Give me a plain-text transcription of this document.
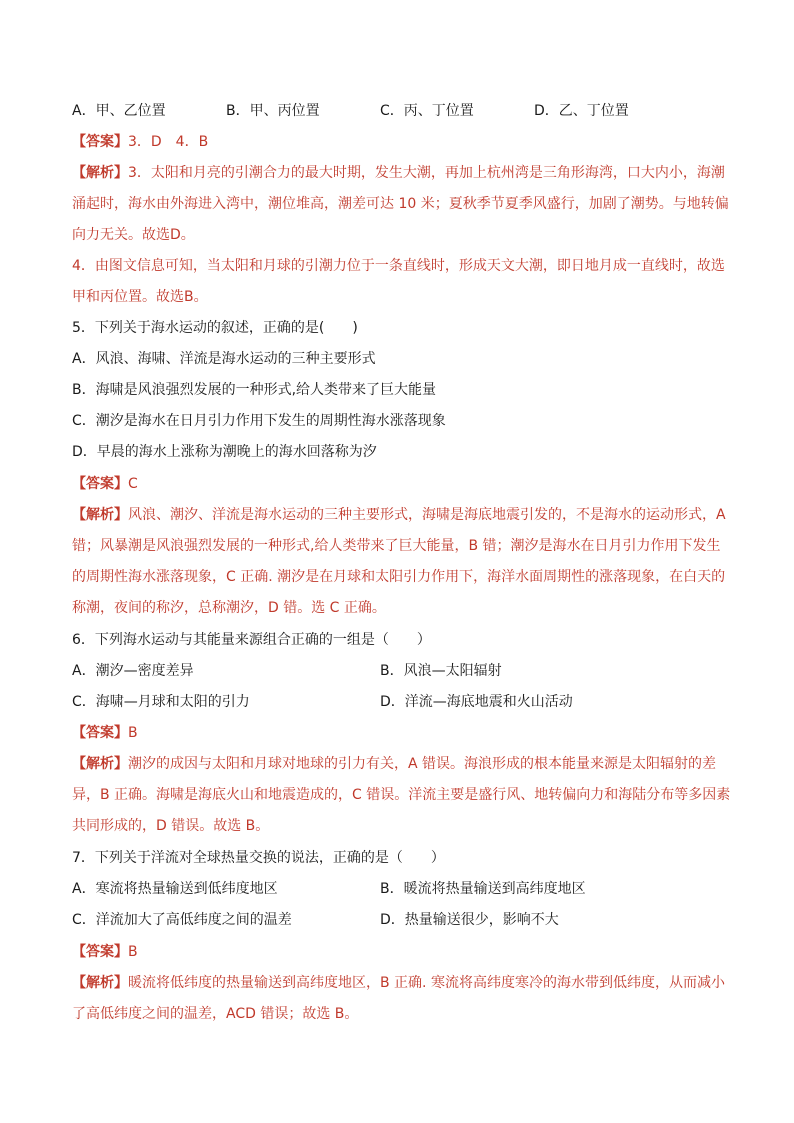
A．甲、乙位置	B．甲、丙位置	C．丙、丁位置	D．乙、丁位置
【答案】3．D　4．B
【解析】3．太阳和月亮的引潮合力的最大时期，发生大潮，再加上杭州湾是三角形海湾，口大内小，海潮
涌起时，海水由外海进入湾中，潮位堆高，潮差可达 10 米；夏秋季节夏季风盛行，加剧了潮势。与地转偏
向力无关。故选D。
4．由图文信息可知，当太阳和月球的引潮力位于一条直线时，形成天文大潮，即日地月成一直线时，故选
甲和丙位置。故选B。
5．下列关于海水运动的叙述，正确的是(　　)
A．风浪、海啸、洋流是海水运动的三种主要形式
B．海啸是风浪强烈发展的一种形式,给人类带来了巨大能量
C．潮汐是海水在日月引力作用下发生的周期性海水涨落现象
D．早晨的海水上涨称为潮晚上的海水回落称为汐
【答案】C
【解析】风浪、潮汐、洋流是海水运动的三种主要形式，海啸是海底地震引发的，不是海水的运动形式，A
错；风暴潮是风浪强烈发展的一种形式,给人类带来了巨大能量，B 错；潮汐是海水在日月引力作用下发生
的周期性海水涨落现象，C 正确. 潮汐是在月球和太阳引力作用下，海洋水面周期性的涨落现象，在白天的
称潮，夜间的称汐，总称潮汐，D 错。选 C 正确。
6．下列海水运动与其能量来源组合正确的一组是（　　）
A．潮汐—密度差异	B．风浪—太阳辐射
C．海啸—月球和太阳的引力	D．洋流—海底地震和火山活动
【答案】B
【解析】潮汐的成因与太阳和月球对地球的引力有关，A 错误。海浪形成的根本能量来源是太阳辐射的差
异，B 正确。海啸是海底火山和地震造成的，C 错误。洋流主要是盛行风、地转偏向力和海陆分布等多因素
共同形成的，D 错误。故选 B。
7．下列关于洋流对全球热量交换的说法，正确的是（　　）
A．寒流将热量输送到低纬度地区	B．暖流将热量输送到高纬度地区
C．洋流加大了高低纬度之间的温差	D．热量输送很少，影响不大
【答案】B
【解析】暖流将低纬度的热量输送到高纬度地区，B 正确. 寒流将高纬度寒冷的海水带到低纬度，从而减小
了高低纬度之间的温差，ACD 错误；故选 B。
